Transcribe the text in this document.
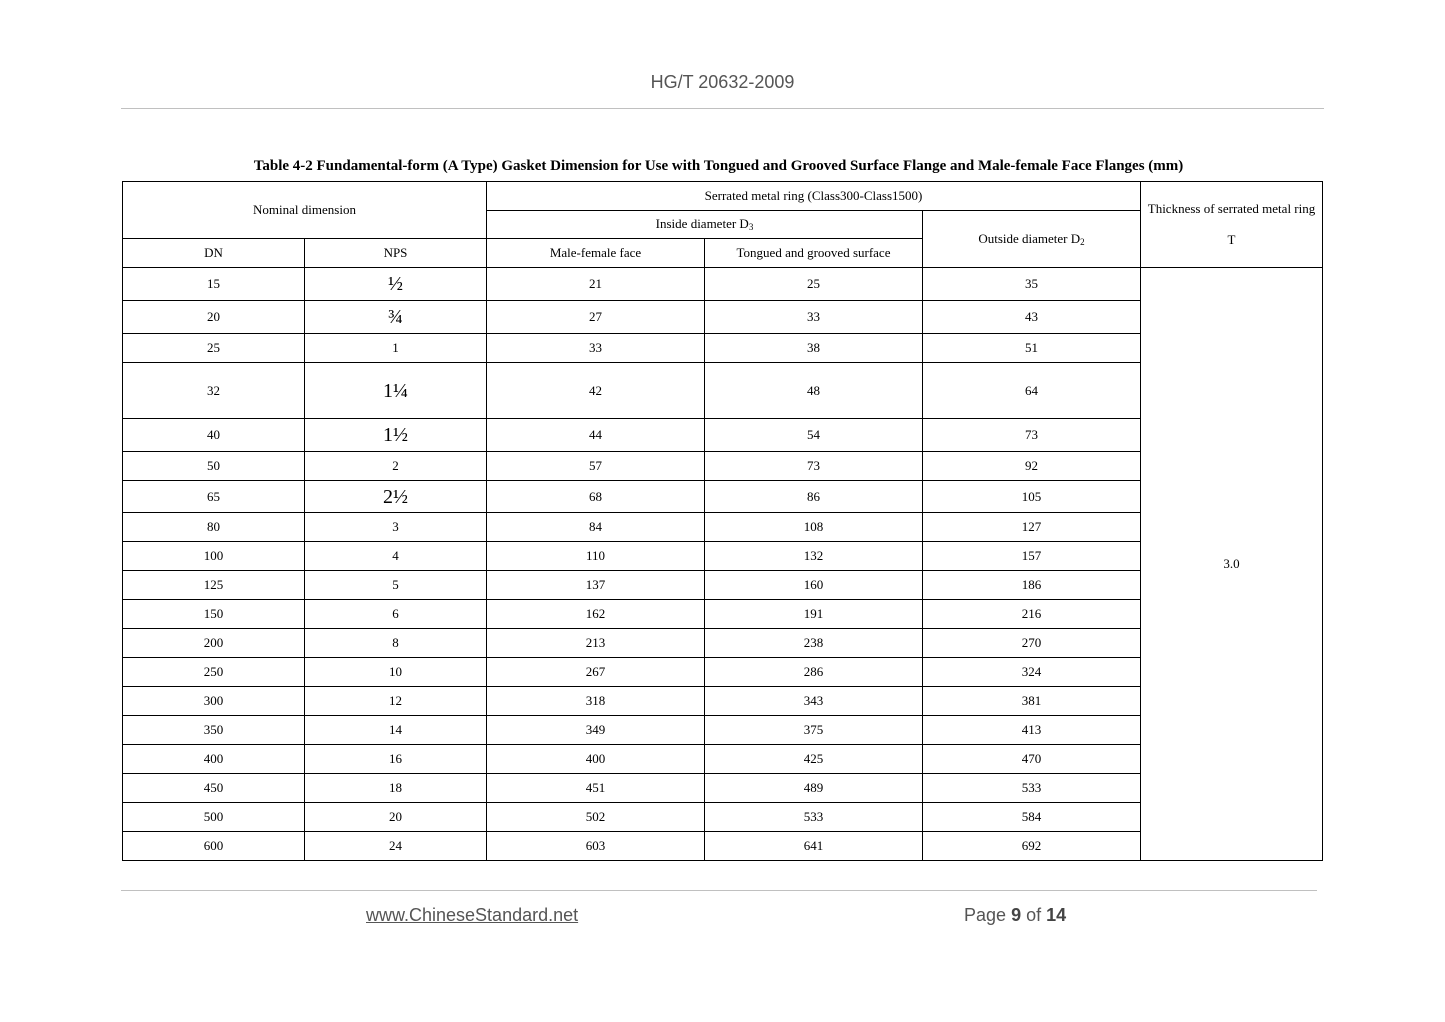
HG/T 20632-2009
Table 4-2 Fundamental-form (A Type) Gasket Dimension for Use with Tongued and Grooved Surface Flange and Male-female Face Flanges (mm)
Nominal dimension		Serrated metal ring (Class300-Class1500)			Thickness of serrated metal ring

T
		Inside diameter $D_3$		Outside diameter $D_2$
DN	NPS	Male-female face	Tongued and grooved surface		
15	½	21	25	35	3.0
20	¾	27	33	43	
25	1	33	38	51	
32	1¼	42	48	64	
40	1½	44	54	73	
50	2	57	73	92	
65	2½	68	86	105	
80	3	84	108	127	
100	4	110	132	157	
125	5	137	160	186	
150	6	162	191	216	
200	8	213	238	270	
250	10	267	286	324	
300	12	318	343	381	
350	14	349	375	413	
400	16	400	425	470	
450	18	451	489	533	
500	20	502	533	584	
600	24	603	641	692	
www.ChineseStandard.net	Page 9 of 14
